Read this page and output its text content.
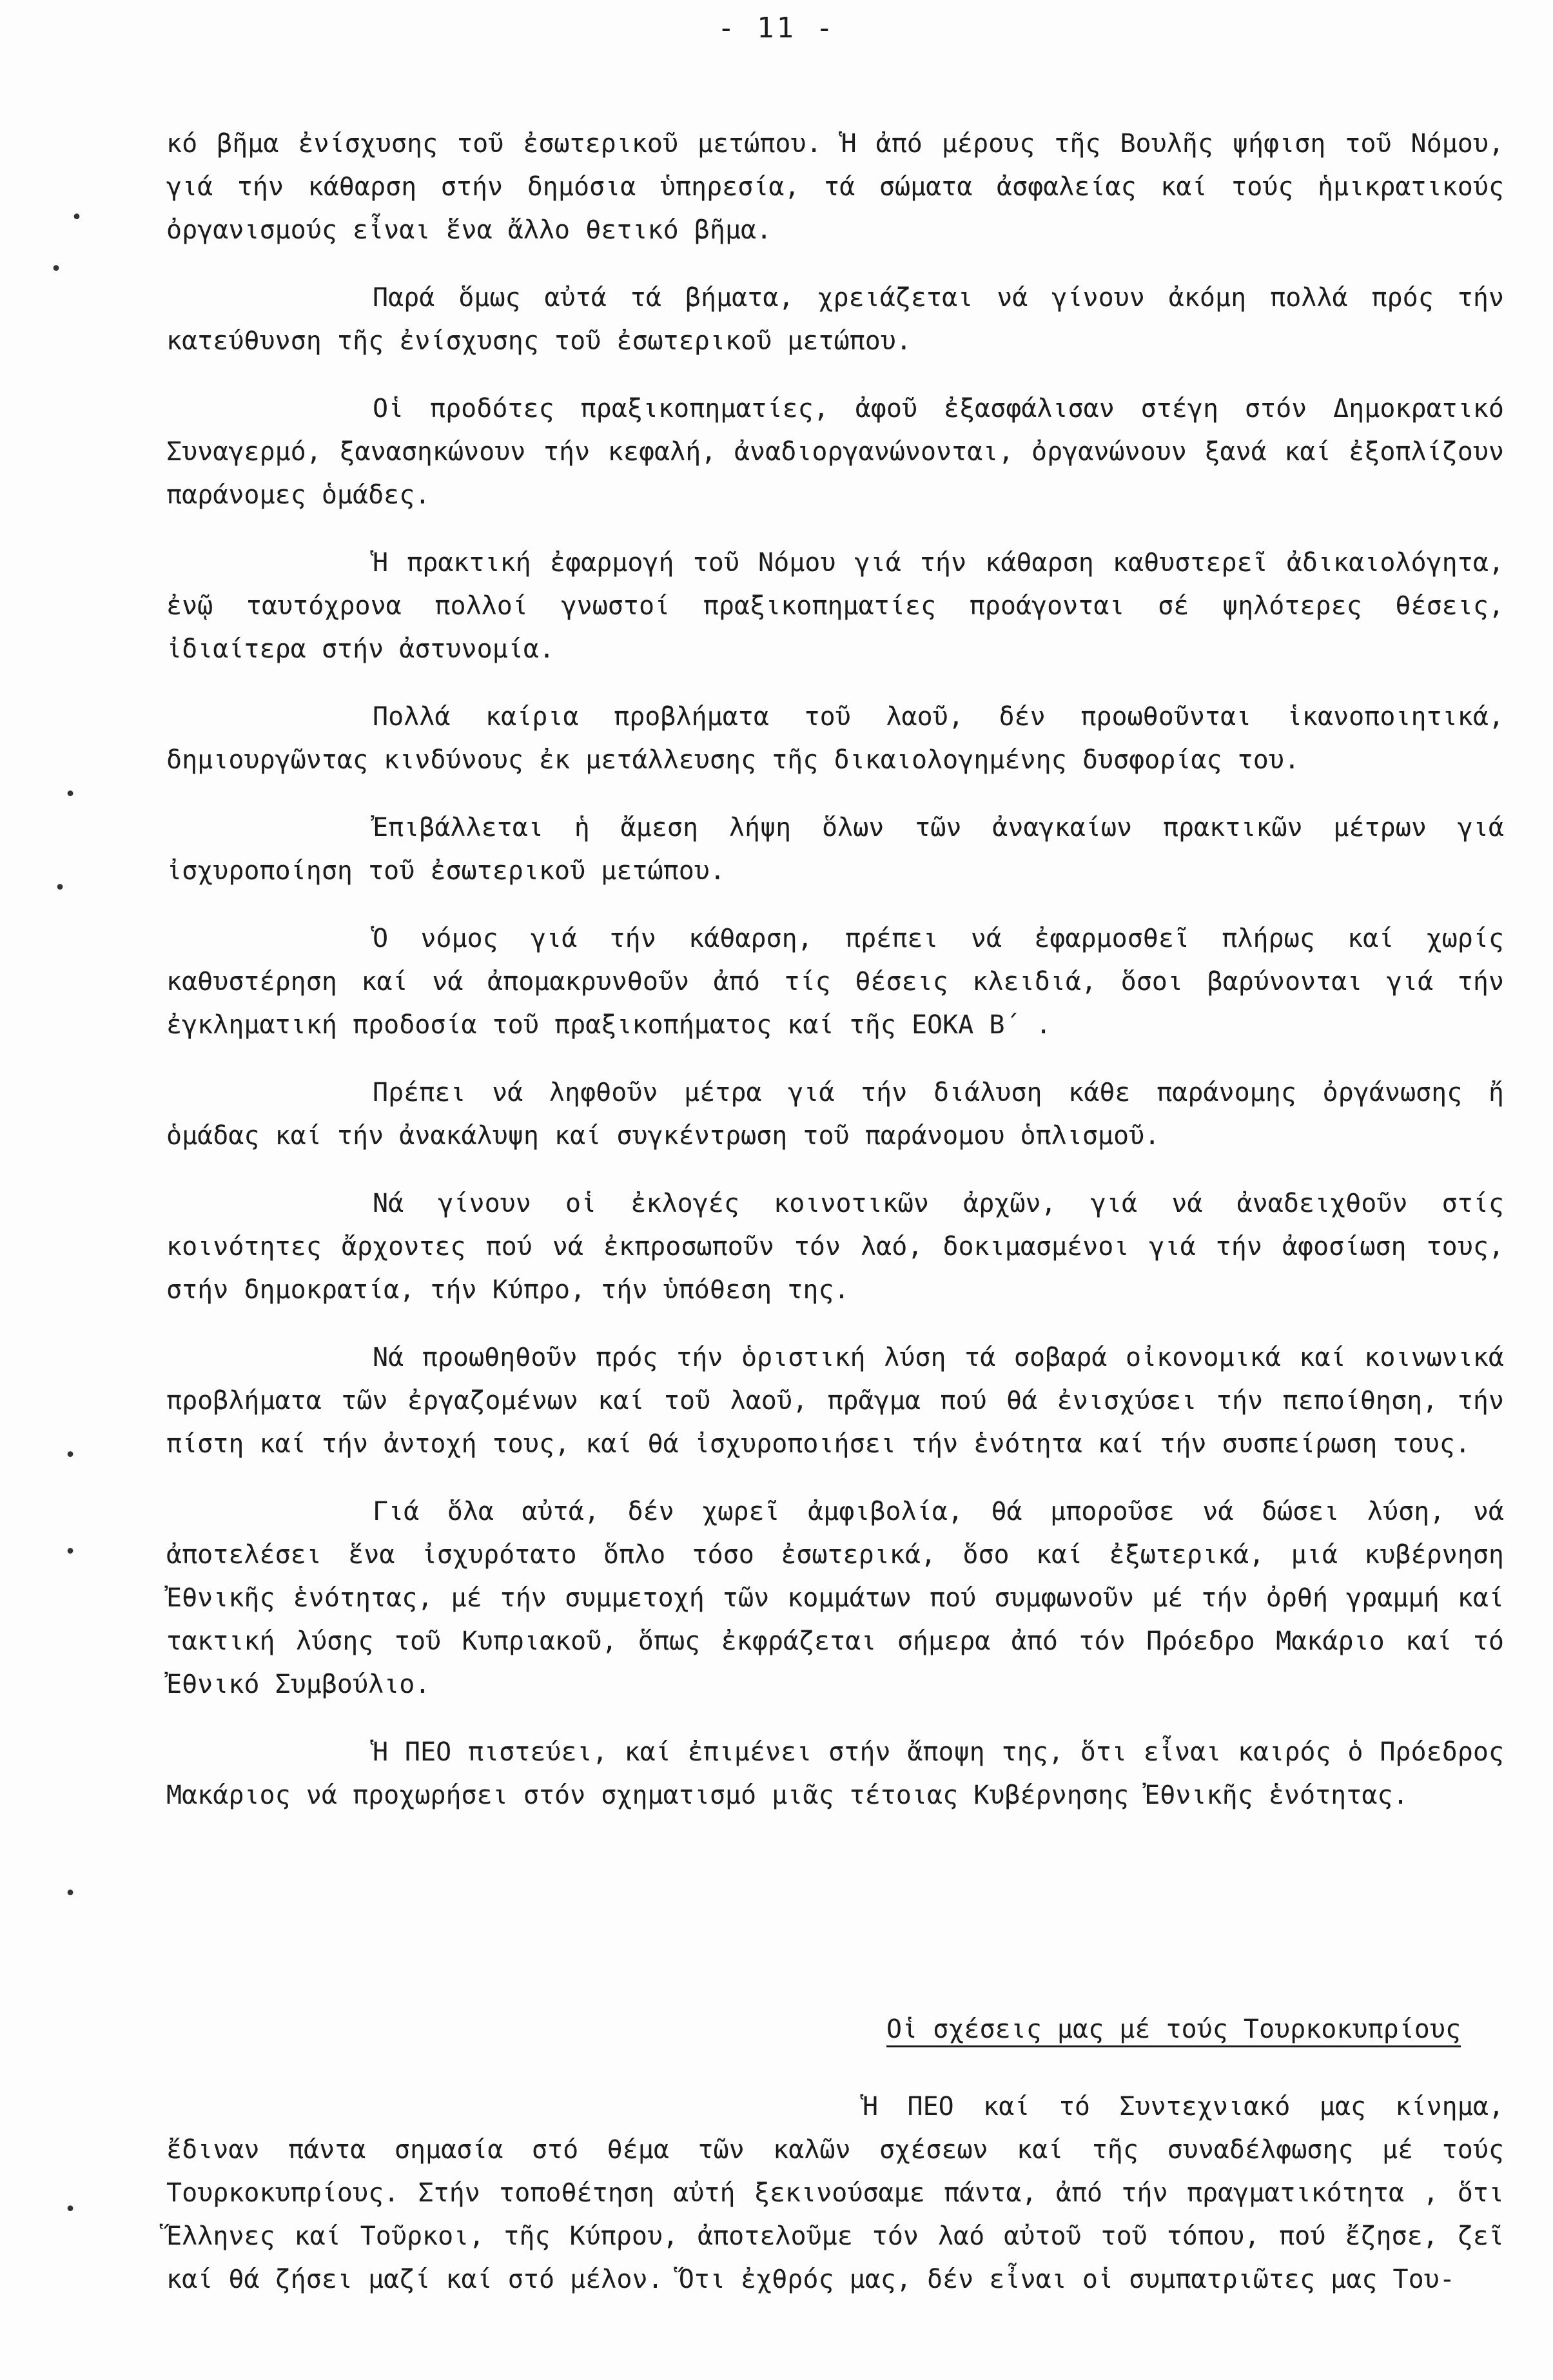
- 11 -
•
•
•
•
•
•
•
•

κό βῆμα ἐνίσχυσης τοῦ ἐσωτερικοῦ μετώπου. Ἡ ἀπό μέρους τῆς Βουλῆς ψήφιση τοῦ Νόμου, γιά τήν κάθαρση στήν δημόσια ὑπηρεσία, τά σώματα ἀσφαλείας καί τούς ἡμικρατικούς ὀργανισμούς εἶναι ἕνα ἄλλο θετικό βῆμα.

Παρά ὅμως αὐτά τά βήματα, χρειάζεται νά γίνουν ἀκόμη πολλά πρός τήν κατεύθυνση τῆς ἐνίσχυσης τοῦ ἐσωτερικοῦ μετώπου.

Οἱ προδότες πραξικοπηματίες, ἀφοῦ ἐξασφάλισαν στέγη στόν Δημοκρατικό Συναγερμό, ξανασηκώνουν τήν κεφαλή, ἀναδιοργανώνονται, ὀργανώνουν ξανά καί ἐξοπλίζουν παράνομες ὁμάδες.

Ἡ πρακτική ἐφαρμογή τοῦ Νόμου γιά τήν κάθαρση καθυστερεῖ ἀδικαιολόγητα, ἐνῷ ταυτόχρονα πολλοί γνωστοί πραξικοπηματίες προάγονται σέ ψηλότερες θέσεις, ἰδιαίτερα στήν ἀστυνομία.

Πολλά καίρια προβλήματα τοῦ λαοῦ, δέν προωθοῦνται ἱκανοποιητικά, δημιουργῶντας κινδύνους ἐκ μετάλλευσης τῆς δικαιολογημένης δυσφορίας του.

Ἐπιβάλλεται ἡ ἄμεση λήψη ὅλων τῶν ἀναγκαίων πρακτικῶν μέτρων γιά ἰσχυροποίηση τοῦ ἐσωτερικοῦ μετώπου.

Ὁ νόμος γιά τήν κάθαρση, πρέπει νά ἐφαρμοσθεῖ πλήρως καί χωρίς καθυστέρηση καί νά ἀπομακρυνθοῦν ἀπό τίς θέσεις κλειδιά, ὅσοι βαρύνονται γιά τήν ἐγκληματική προδοσία τοῦ πραξικοπήματος καί τῆς ΕΟΚΑ Β΄ .

Πρέπει νά ληφθοῦν μέτρα γιά τήν διάλυση κάθε παράνομης ὀργάνωσης ἤ ὁμάδας καί τήν ἀνακάλυψη καί συγκέντρωση τοῦ παράνομου ὁπλισμοῦ.

Νά γίνουν οἱ ἐκλογές κοινοτικῶν ἀρχῶν, γιά νά ἀναδειχθοῦν στίς κοινότητες ἄρχοντες πού νά ἐκπροσωποῦν τόν λαό, δοκιμασμένοι γιά τήν ἀφοσίωση τους, στήν δημοκρατία, τήν Κύπρο, τήν ὑπόθεση της.

Νά προωθηθοῦν πρός τήν ὁριστική λύση τά σοβαρά οἰκονομικά καί κοινωνικά προβλήματα τῶν ἐργαζομένων καί τοῦ λαοῦ, πρᾶγμα πού θά ἐνισχύσει τήν πεποίθηση, τήν πίστη καί τήν ἀντοχή τους, καί θά ἰσχυροποιήσει τήν ἑνότητα καί τήν συσπείρωση τους.

Γιά ὅλα αὐτά, δέν χωρεῖ ἀμφιβολία, θά μποροῦσε νά δώσει λύση, νά ἀποτελέσει ἕνα ἰσχυρότατο ὅπλο τόσο ἐσωτερικά, ὅσο καί ἐξωτερικά, μιά κυβέρνηση Ἐθνικῆς ἑνότητας, μέ τήν συμμετοχή τῶν κομμάτων πού συμφωνοῦν μέ τήν ὀρθή γραμμή καί τακτική λύσης τοῦ Κυπριακοῦ, ὅπως ἐκφράζεται σήμερα ἀπό τόν Πρόεδρο Μακάριο καί τό Ἐθνικό Συμβούλιο.

Ἡ ΠΕΟ πιστεύει, καί ἐπιμένει στήν ἄποψη της, ὅτι εἶναι καιρός ὁ Πρόεδρος Μακάριος νά προχωρήσει στόν σχηματισμό μιᾶς τέτοιας Κυβέρνησης Ἐθνικῆς ἑνότητας.

Οἱ σχέσεις μας μέ τούς Τουρκοκυπρίους

Ἡ ΠΕΟ καί τό Συντεχνιακό μας κίνημα, ἔδιναν πάντα σημασία στό θέμα τῶν καλῶν σχέσεων καί τῆς συναδέλφωσης μέ τούς Τουρκοκυπρίους. Στήν τοποθέτηση αὐτή ξεκινούσαμε πάντα, ἀπό τήν πραγματικότητα , ὅτι Ἕλληνες καί Τοῦρκοι, τῆς Κύπρου, ἀποτελοῦμε τόν λαό αὐτοῦ τοῦ τόπου, πού ἔζησε, ζεῖ καί θά ζήσει μαζί καί στό μέλον. Ὅτι ἐχθρός μας, δέν εἶναι οἱ συμπατριῶτες μας Του-
